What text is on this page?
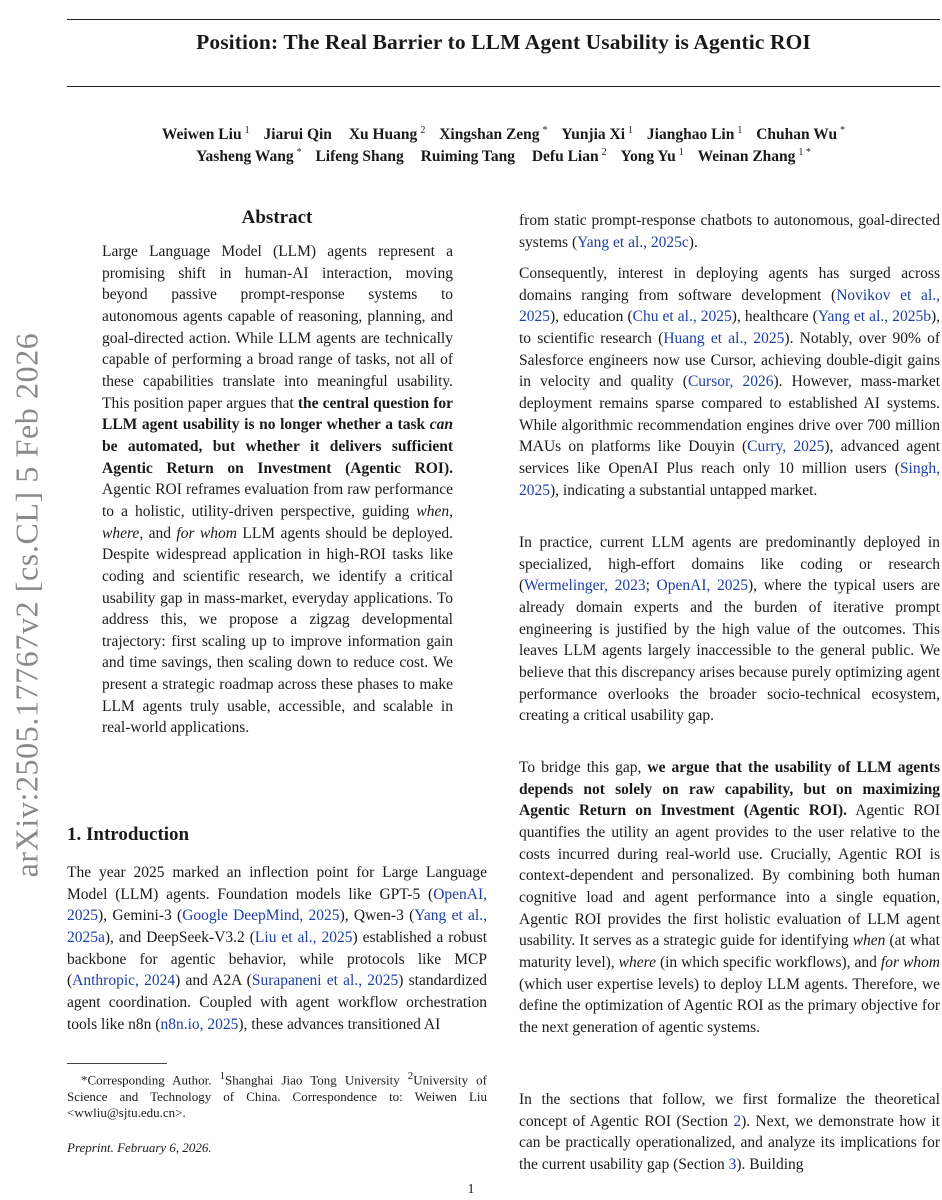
Position: The Real Barrier to LLM Agent Usability is Agentic ROI
arXiv:2505.17767v2 [cs.CL] 5 Feb 2026
Weiwen Liu $^1$ Jiarui Qin Xu Huang $^2$ Xingshan Zeng * Yunjia Xi $^1$ Jianghao Lin $^1$ Chuhan Wu *
Yasheng Wang * Lifeng Shang Ruiming Tang Defu Lian $^2$ Yong Yu $^1$ Weinan Zhang $^{1 *}$
Abstract

Large Language Model (LLM) agents represent a promising shift in human-AI interaction, moving beyond passive prompt-response systems to autonomous agents capable of reasoning, planning, and goal-directed action. While LLM agents are technically capable of performing a broad range of tasks, not all of these capabilities translate into meaningful usability. This position paper argues that the central question for LLM agent usability is no longer whether a task can be automated, but whether it delivers sufficient Agentic Return on Investment (Agentic ROI). Agentic ROI reframes evaluation from raw performance to a holistic, utility-driven perspective, guiding when, where, and for whom LLM agents should be deployed. Despite widespread application in high-ROI tasks like coding and scientific research, we identify a critical usability gap in mass-market, everyday applications. To address this, we propose a zigzag developmental trajectory: first scaling up to improve information gain and time savings, then scaling down to reduce cost. We present a strategic roadmap across these phases to make LLM agents truly usable, accessible, and scalable in real-world applications.

1. Introduction

The year 2025 marked an inflection point for Large Language Model (LLM) agents. Foundation models like GPT-5 (OpenAI, 2025), Gemini-3 (Google DeepMind, 2025), Qwen-3 (Yang et al., 2025a), and DeepSeek-V3.2 (Liu et al., 2025) established a robust backbone for agentic behavior, while protocols like MCP (Anthropic, 2024) and A2A (Surapaneni et al., 2025) standardized agent coordination. Coupled with agent workflow orchestration tools like n8n (n8n.io, 2025), these advances transitioned AI

*Corresponding Author. $^1$Shanghai Jiao Tong University $^2$University of Science and Technology of China. Correspondence to: Weiwen Liu <wwliu@sjtu.edu.cn>.

Preprint. February 6, 2026.

from static prompt-response chatbots to autonomous, goal-directed systems (Yang et al., 2025c).

Consequently, interest in deploying agents has surged across domains ranging from software development (Novikov et al., 2025), education (Chu et al., 2025), healthcare (Yang et al., 2025b), to scientific research (Huang et al., 2025). Notably, over 90% of Salesforce engineers now use Cursor, achieving double-digit gains in velocity and quality (Cursor, 2026). However, mass-market deployment remains sparse compared to established AI systems. While algorithmic recommendation engines drive over 700 million MAUs on platforms like Douyin (Curry, 2025), advanced agent services like OpenAI Plus reach only 10 million users (Singh, 2025), indicating a substantial untapped market.

In practice, current LLM agents are predominantly deployed in specialized, high-effort domains like coding or research (Wermelinger, 2023; OpenAI, 2025), where the typical users are already domain experts and the burden of iterative prompt engineering is justified by the high value of the outcomes. This leaves LLM agents largely inaccessible to the general public. We believe that this discrepancy arises because purely optimizing agent performance overlooks the broader socio-technical ecosystem, creating a critical usability gap.

To bridge this gap, we argue that the usability of LLM agents depends not solely on raw capability, but on maximizing Agentic Return on Investment (Agentic ROI). Agentic ROI quantifies the utility an agent provides to the user relative to the costs incurred during real-world use. Crucially, Agentic ROI is context-dependent and personalized. By combining both human cognitive load and agent performance into a single equation, Agentic ROI provides the first holistic evaluation of LLM agent usability. It serves as a strategic guide for identifying when (at what maturity level), where (in which specific workflows), and for whom (which user expertise levels) to deploy LLM agents. Therefore, we define the optimization of Agentic ROI as the primary objective for the next generation of agentic systems.

In the sections that follow, we first formalize the theoretical concept of Agentic ROI (Section 2). Next, we demonstrate how it can be practically operationalized, and analyze its implications for the current usability gap (Section 3). Building

1
